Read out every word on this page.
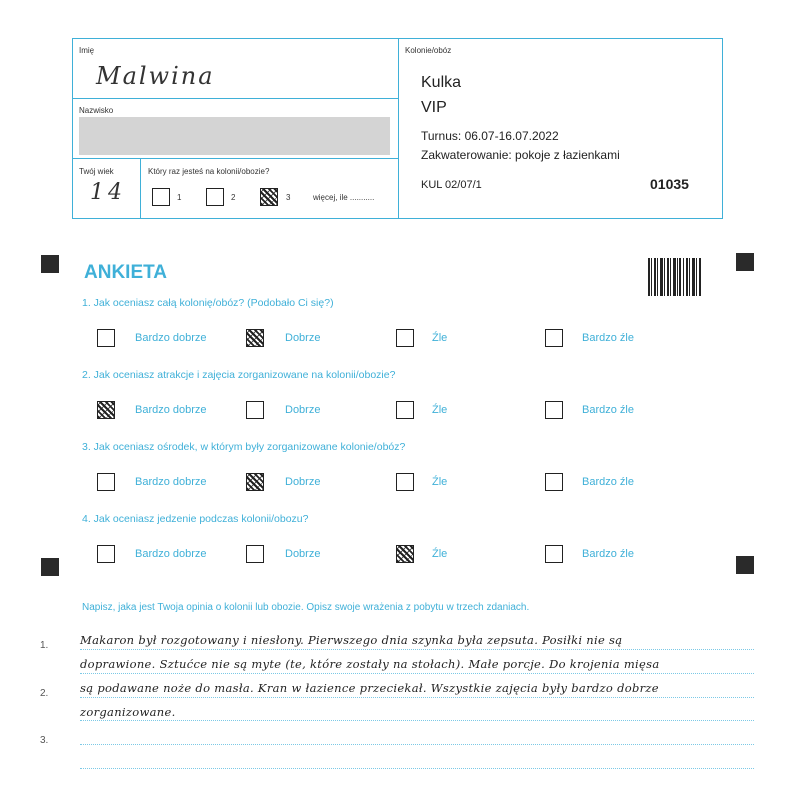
Imię
Malwina
Nazwisko
Twój wiek
14
Który raz jesteś na kolonii/obozie?
1	2	3	więcej, ile ...........
Kolonie/obóz
Kulka
VIP
Turnus: 06.07-16.07.2022
Zakwaterowanie: pokoje z łazienkami
KUL 02/07/1	01035
ANKIETA
1. Jak oceniasz całą kolonię/obóz? (Podobało Ci się?)
Bardzo dobrze	Dobrze	Źle	Bardzo źle
2. Jak oceniasz atrakcje i zajęcia zorganizowane na kolonii/obozie?
Bardzo dobrze	Dobrze	Źle	Bardzo źle
3. Jak oceniasz ośrodek, w którym były zorganizowane kolonie/obóz?
Bardzo dobrze	Dobrze	Źle	Bardzo źle
4. Jak oceniasz jedzenie podczas kolonii/obozu?
Bardzo dobrze	Dobrze	Źle	Bardzo źle
Napisz, jaka jest Twoja opinia o kolonii lub obozie. Opisz swoje wrażenia z pobytu w trzech zdaniach.
1.
2.
3.
Makaron był rozgotowany i niesłony. Pierwszego dnia szynka była zepsuta. Posiłki nie są
doprawione. Sztućce nie są myte (te, które zostały na stołach). Małe porcje. Do krojenia mięsa
są podawane noże do masła. Kran w łazience przeciekał. Wszystkie zajęcia były bardzo dobrze
zorganizowane.
